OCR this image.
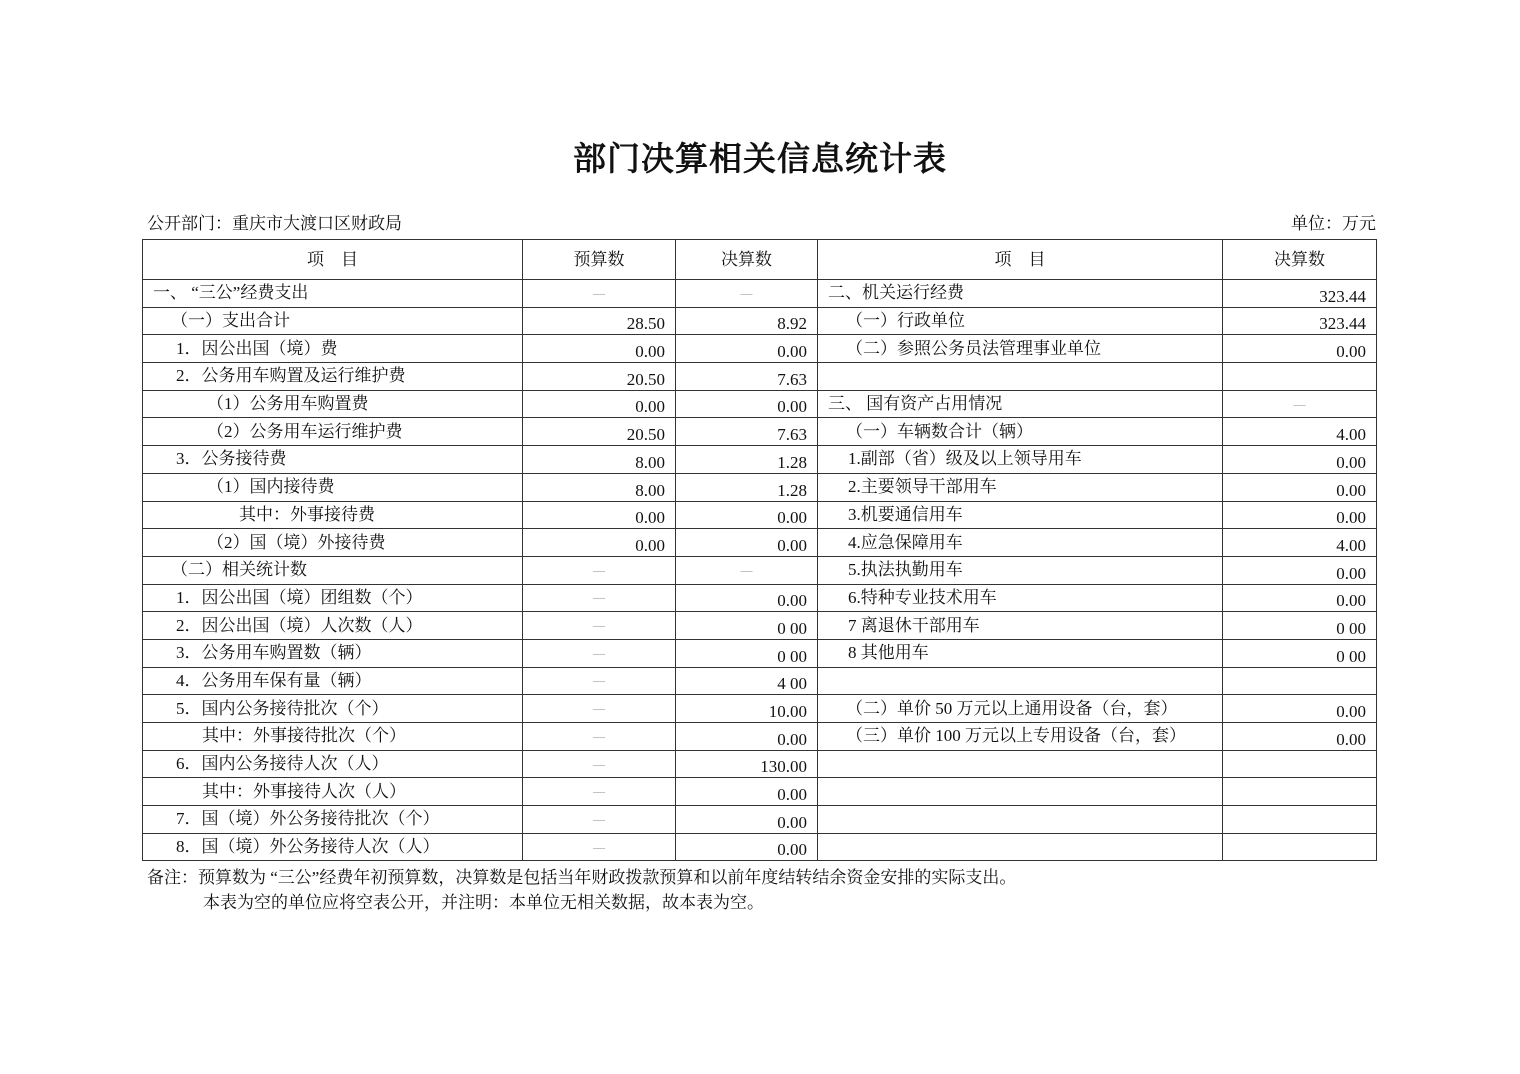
部门决算相关信息统计表
公开部门：重庆市大渡口区财政局	单位：万元
项　目	预算数	决算数	项　目	决算数
一、 “三公”经费支出	—	—	二、机关运行经费	323.44
（一）支出合计	28.50	8.92	（一）行政单位	323.44
1．因公出国（境）费	0.00	0.00	（二）参照公务员法管理事业单位	0.00
2．公务用车购置及运行维护费	20.50	7.63		
（1）公务用车购置费	0.00	0.00	三、 国有资产占用情况	—
（2）公务用车运行维护费	20.50	7.63	（一）车辆数合计（辆）	4.00
3．公务接待费	8.00	1.28	1.副部（省）级及以上领导用车	0.00
（1）国内接待费	8.00	1.28	2.主要领导干部用车	0.00
其中：外事接待费	0.00	0.00	3.机要通信用车	0.00
（2）国（境）外接待费	0.00	0.00	4.应急保障用车	4.00
（二）相关统计数	—	—	5.执法执勤用车	0.00
1．因公出国（境）团组数（个）	—	0.00	6.特种专业技术用车	0.00
2．因公出国（境）人次数（人）	—	0 00	7 离退休干部用车	0 00
3．公务用车购置数（辆）	—	0 00	8 其他用车	0 00
4．公务用车保有量（辆）	—	4 00		
5．国内公务接待批次（个）	—	10.00	（二）单价 50 万元以上通用设备（台，套）	0.00
其中：外事接待批次（个）	—	0.00	（三）单价 100 万元以上专用设备（台，套）	0.00
6．国内公务接待人次（人）	—	130.00		
其中：外事接待人次（人）	—	0.00		
7．国（境）外公务接待批次（个）	—	0.00		
8．国（境）外公务接待人次（人）	—	0.00		
备注：预算数为 “三公”经费年初预算数，决算数是包括当年财政拨款预算和以前年度结转结余资金安排的实际支出。
本表为空的单位应将空表公开，并注明：本单位无相关数据，故本表为空。
